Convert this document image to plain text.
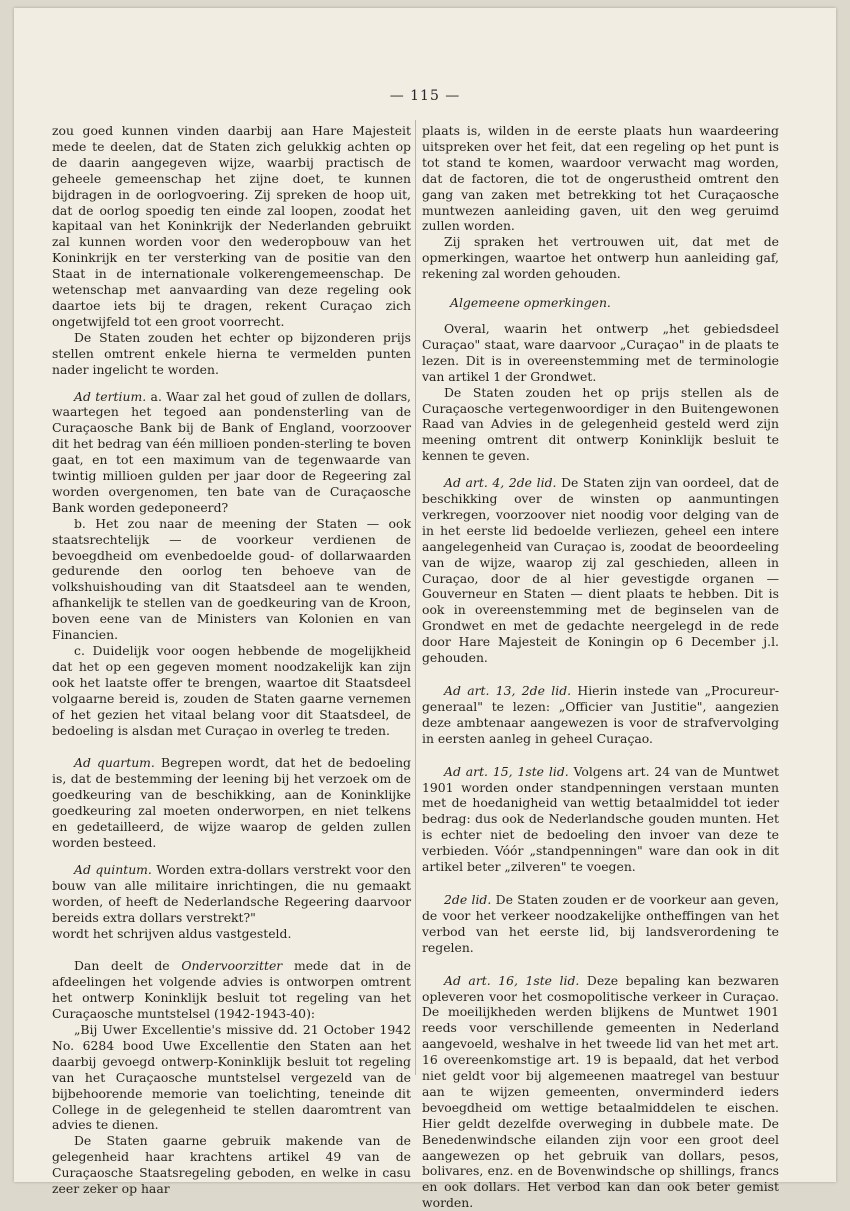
— 115 —

zou goed kunnen vinden daarbij aan Hare Majesteit mede te deelen, dat de Staten zich gelukkig achten op de daarin aangegeven wijze, waarbij practisch de geheele gemeenschap het zijne doet, te kunnen bijdragen in de oorlogvoering. Zij spreken de hoop uit, dat de oorlog spoedig ten einde zal loopen, zoodat het kapitaal van het Koninkrijk der Nederlanden gebruikt zal kunnen worden voor den wederopbouw van het Koninkrijk en ter versterking van de positie van den Staat in de internationale volkerengemeenschap. De wetenschap met aanvaarding van deze regeling ook daartoe iets bij te dragen, rekent Curaçao zich ongetwijfeld tot een groot voorrecht.

De Staten zouden het echter op bijzonderen prijs stellen omtrent enkele hierna te vermelden punten nader ingelicht te worden.

Ad tertium. a. Waar zal het goud of zullen de dollars, waartegen het tegoed aan pondensterling van de Curaçaosche Bank bij de Bank of England, voorzoover dit het bedrag van één millioen ponden-sterling te boven gaat, en tot een maximum van de tegenwaarde van twintig millioen gulden per jaar door de Regeering zal worden overgenomen, ten bate van de Curaçaosche Bank worden gedeponeerd?

b. Het zou naar de meening der Staten — ook staatsrechtelijk — de voorkeur verdienen de bevoegdheid om evenbedoelde goud- of dollarwaarden gedurende den oorlog ten behoeve van de volkshuishouding van dit Staatsdeel aan te wenden, afhankelijk te stellen van de goedkeuring van de Kroon, boven eene van de Ministers van Kolonien en van Financien.

c. Duidelijk voor oogen hebbende de mogelijkheid dat het op een gegeven moment noodzakelijk kan zijn ook het laatste offer te brengen, waartoe dit Staatsdeel volgaarne bereid is, zouden de Staten gaarne vernemen of het gezien het vitaal belang voor dit Staatsdeel, de bedoeling is alsdan met Curaçao in overleg te treden.

Ad quartum. Begrepen wordt, dat het de bedoeling is, dat de bestemming der leening bij het verzoek om de goedkeuring van de beschikking, aan de Koninklijke goedkeuring zal moeten onderworpen, en niet telkens en gedetailleerd, de wijze waarop de gelden zullen worden besteed.

Ad quintum. Worden extra-dollars verstrekt voor den bouw van alle militaire inrichtingen, die nu gemaakt worden, of heeft de Nederlandsche Regeering daarvoor bereids extra dollars verstrekt?"

wordt het schrijven aldus vastgesteld.

Dan deelt de Ondervoorzitter mede dat in de afdeelingen het volgende advies is ontworpen omtrent het ontwerp Koninklijk besluit tot regeling van het Curaçaosche muntstelsel (1942-1943-40):

„Bij Uwer Excellentie's missive dd. 21 October 1942 No. 6284 bood Uwe Excellentie den Staten aan het daarbij gevoegd ontwerp-Koninklijk besluit tot regeling van het Curaçaosche muntstelsel vergezeld van de bijbehoorende memorie van toelichting, teneinde dit College in de gelegenheid te stellen daaromtrent van advies te dienen.

De Staten gaarne gebruik makende van de gelegenheid haar krachtens artikel 49 van de Curaçaosche Staatsregeling geboden, en welke in casu zeer zeker op haar

plaats is, wilden in de eerste plaats hun waardeering uitspreken over het feit, dat een regeling op het punt is tot stand te komen, waardoor verwacht mag worden, dat de factoren, die tot de ongerustheid omtrent den gang van zaken met betrekking tot het Curaçaosche muntwezen aanleiding gaven, uit den weg geruimd zullen worden.

Zij spraken het vertrouwen uit, dat met de opmerkingen, waartoe het ontwerp hun aanleiding gaf, rekening zal worden gehouden.

Algemeene opmerkingen.

Overal, waarin het ontwerp „het gebiedsdeel Curaçao" staat, ware daarvoor „Curaçao" in de plaats te lezen. Dit is in overeenstemming met de terminologie van artikel 1 der Grondwet.

De Staten zouden het op prijs stellen als de Curaçaosche vertegenwoordiger in den Buitengewonen Raad van Advies in de gelegenheid gesteld werd zijn meening omtrent dit ontwerp Koninklijk besluit te kennen te geven.

Ad art. 4, 2de lid. De Staten zijn van oordeel, dat de beschikking over de winsten op aanmuntingen verkregen, voorzoover niet noodig voor delging van de in het eerste lid bedoelde verliezen, geheel een intere aangelegenheid van Curaçao is, zoodat de beoordeeling van de wijze, waarop zij zal geschieden, alleen in Curaçao, door de al hier gevestigde organen — Gouverneur en Staten — dient plaats te hebben. Dit is ook in overeenstemming met de beginselen van de Grondwet en met de gedachte neergelegd in de rede door Hare Majesteit de Koningin op 6 December j.l. gehouden.

Ad art. 13, 2de lid. Hierin instede van „Procureur-generaal" te lezen: „Officier van Justitie", aangezien deze ambtenaar aangewezen is voor de strafvervolging in eersten aanleg in geheel Curaçao.

Ad art. 15, 1ste lid. Volgens art. 24 van de Muntwet 1901 worden onder standpenningen verstaan munten met de hoedanigheid van wettig betaalmiddel tot ieder bedrag: dus ook de Nederlandsche gouden munten. Het is echter niet de bedoeling den invoer van deze te verbieden. Vóór „standpenningen" ware dan ook in dit artikel beter „zilveren" te voegen.

2de lid. De Staten zouden er de voorkeur aan geven, de voor het verkeer noodzakelijke ontheffingen van het verbod van het eerste lid, bij landsverordening te regelen.

Ad art. 16, 1ste lid. Deze bepaling kan bezwaren opleveren voor het cosmopolitische verkeer in Curaçao. De moeilijkheden werden blijkens de Muntwet 1901 reeds voor verschillende gemeenten in Nederland aangevoeld, weshalve in het tweede lid van het met art. 16 overeenkomstige art. 19 is bepaald, dat het verbod niet geldt voor bij algemeenen maatregel van bestuur aan te wijzen gemeenten, onverminderd ieders bevoegdheid om wettige betaalmiddelen te eischen. Hier geldt dezelfde overweging in dubbele mate. De Benedenwindsche eilanden zijn voor een groot deel aangewezen op het gebruik van dollars, pesos, bolivares, enz. en de Bovenwindsche op shillings, francs en ook dollars. Het verbod kan dan ook beter gemist worden.
